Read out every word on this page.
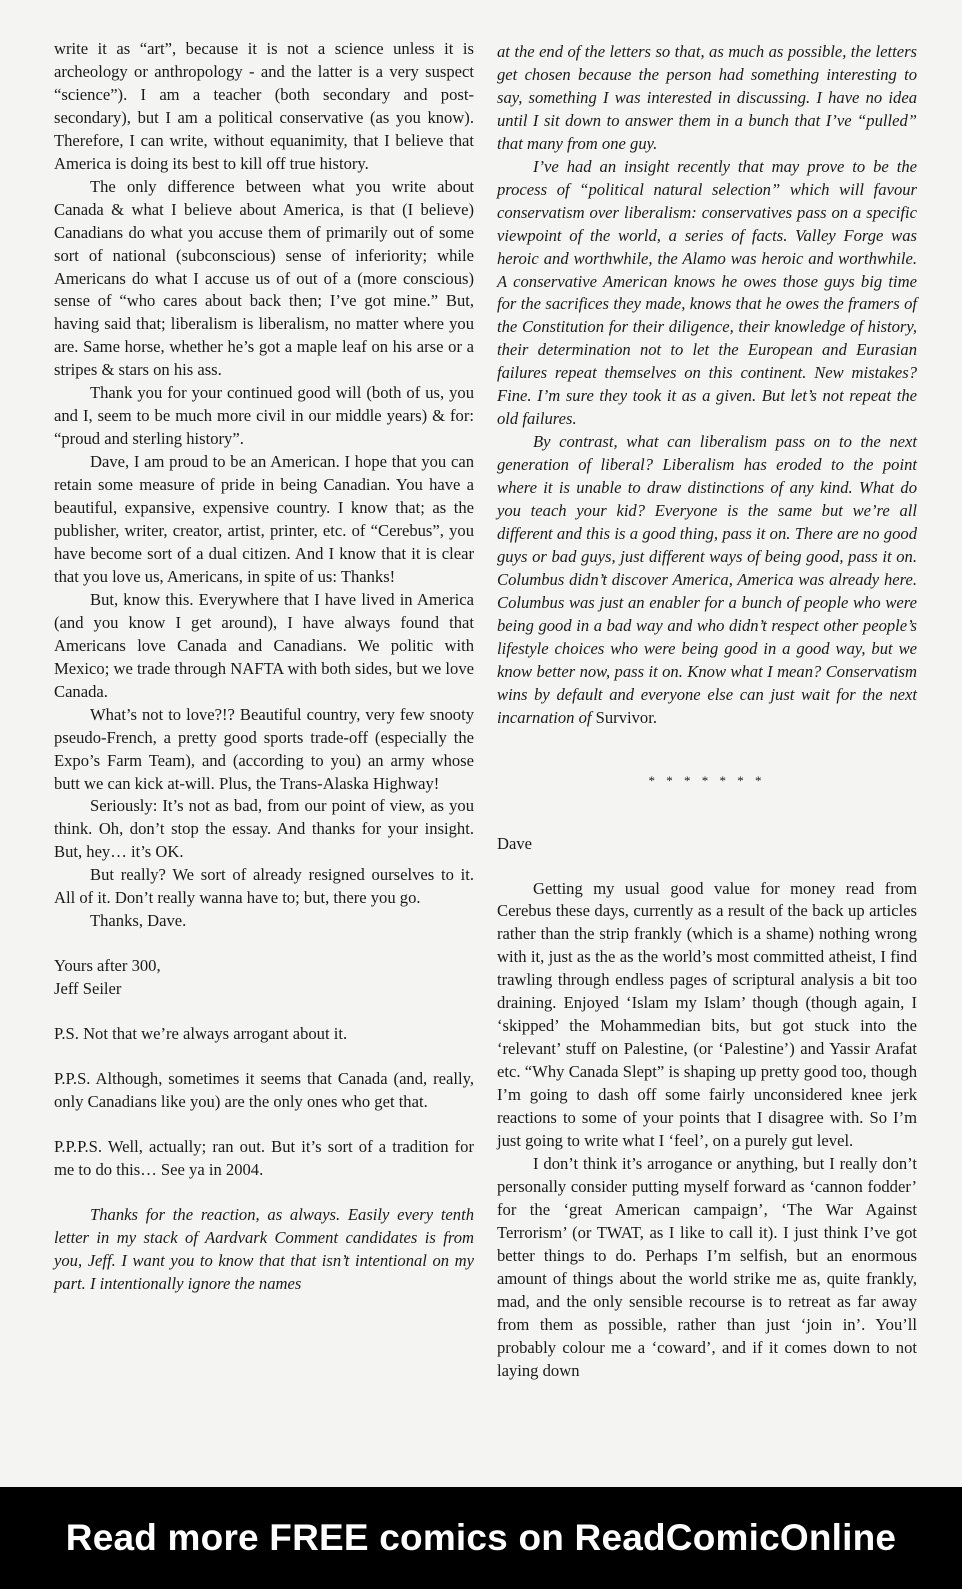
write it as “art”, because it is not a science unless it is archeology or anthropology - and the latter is a very suspect “science”). I am a teacher (both secondary and post-secondary), but I am a political conservative (as you know). Therefore, I can write, without equanimity, that I believe that America is doing its best to kill off true history.

The only difference between what you write about Canada & what I believe about America, is that (I believe) Canadians do what you accuse them of primarily out of some sort of national (subconscious) sense of inferiority; while Americans do what I accuse us of out of a (more conscious) sense of “who cares about back then; I’ve got mine.” But, having said that; liberalism is liberalism, no matter where you are. Same horse, whether he’s got a maple leaf on his arse or a stripes & stars on his ass.

Thank you for your continued good will (both of us, you and I, seem to be much more civil in our middle years) & for: “proud and sterling history”.

Dave, I am proud to be an American. I hope that you can retain some measure of pride in being Canadian. You have a beautiful, expansive, expensive country. I know that; as the publisher, writer, creator, artist, printer, etc. of “Cerebus”, you have become sort of a dual citizen. And I know that it is clear that you love us, Americans, in spite of us: Thanks!

But, know this. Everywhere that I have lived in America (and you know I get around), I have always found that Americans love Canada and Canadians. We politic with Mexico; we trade through NAFTA with both sides, but we love Canada.

What’s not to love?!? Beautiful country, very few snooty pseudo-French, a pretty good sports trade-off (especially the Expo’s Farm Team), and (according to you) an army whose butt we can kick at-will. Plus, the Trans-Alaska Highway!

Seriously: It’s not as bad, from our point of view, as you think. Oh, don’t stop the essay. And thanks for your insight. But, hey… it’s OK.

But really? We sort of already resigned ourselves to it. All of it. Don’t really wanna have to; but, there you go.

Thanks, Dave.

Yours after 300,

Jeff Seiler

P.S. Not that we’re always arrogant about it.

P.P.S. Although, sometimes it seems that Canada (and, really, only Canadians like you) are the only ones who get that.

P.P.P.S. Well, actually; ran out. But it’s sort of a tradition for me to do this… See ya in 2004.

Thanks for the reaction, as always. Easily every tenth letter in my stack of Aardvark Comment candidates is from you, Jeff. I want you to know that that isn’t intentional on my part. I intentionally ignore the names

at the end of the letters so that, as much as possible, the letters get chosen because the person had something interesting to say, something I was interested in discussing. I have no idea until I sit down to answer them in a bunch that I’ve “pulled” that many from one guy.

I’ve had an insight recently that may prove to be the process of “political natural selection” which will favour conservatism over liberalism: conservatives pass on a specific viewpoint of the world, a series of facts. Valley Forge was heroic and worthwhile, the Alamo was heroic and worthwhile. A conservative American knows he owes those guys big time for the sacrifices they made, knows that he owes the framers of the Constitution for their diligence, their knowledge of history, their determination not to let the European and Eurasian failures repeat themselves on this continent. New mistakes? Fine. I’m sure they took it as a given. But let’s not repeat the old failures.

By contrast, what can liberalism pass on to the next generation of liberal? Liberalism has eroded to the point where it is unable to draw distinctions of any kind. What do you teach your kid? Everyone is the same but we’re all different and this is a good thing, pass it on. There are no good guys or bad guys, just different ways of being good, pass it on. Columbus didn’t discover America, America was already here. Columbus was just an enabler for a bunch of people who were being good in a bad way and who didn’t respect other people’s lifestyle choices who were being good in a good way, but we know better now, pass it on. Know what I mean? Conservatism wins by default and everyone else can just wait for the next incarnation of Survivor.

* * * * * * *

Dave

Getting my usual good value for money read from Cerebus these days, currently as a result of the back up articles rather than the strip frankly (which is a shame) nothing wrong with it, just as the as the world’s most committed atheist, I find trawling through endless pages of scriptural analysis a bit too draining. Enjoyed ‘Islam my Islam’ though (though again, I ‘skipped’ the Mohammedian bits, but got stuck into the ‘relevant’ stuff on Palestine, (or ‘Palestine’) and Yassir Arafat etc. “Why Canada Slept” is shaping up pretty good too, though I’m going to dash off some fairly unconsidered knee jerk reactions to some of your points that I disagree with. So I’m just going to write what I ‘feel’, on a purely gut level.

I don’t think it’s arrogance or anything, but I really don’t personally consider putting myself forward as ‘cannon fodder’ for the ‘great American campaign’, ‘The War Against Terrorism’ (or TWAT, as I like to call it). I just think I’ve got better things to do. Perhaps I’m selfish, but an enormous amount of things about the world strike me as, quite frankly, mad, and the only sensible recourse is to retreat as far away from them as possible, rather than just ‘join in’. You’ll probably colour me a ‘coward’, and if it comes down to not laying down

Read more FREE comics on ReadComicOnline
